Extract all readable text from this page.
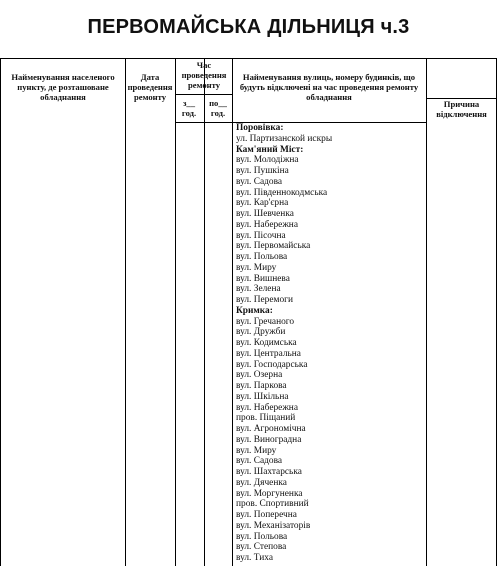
ПЕРВОМАЙСЬКА ДІЛЬНИЦЯ ч.3
Найменування населеного пункту, де розташоване обладнання
Дата проведення ремонту
Час проведення ремонту
з__ год.
по__ год.
Найменування вулиць, номеру будинків, що будуть відключені на час проведення ремонту обладнання
Причина відключення
Поровівка:
ул. Партизанской искры
Кам'яний Міст:
вул. Молодіжна
вул. Пушкіна
вул. Садова
вул. Південнокодмська
вул. Кар'єрна
вул. Шевченка
вул. Набережна
вул. Пісочна
вул. Первомайська
вул. Польова
вул. Миру
вул. Вишнева
вул. Зелена
вул. Перемоги
Кримка:
вул. Гречаного
вул. Дружби
вул. Кодимська
вул. Центральна
вул. Господарська
вул. Озерна
вул. Паркова
вул. Шкільна
вул. Набережна
пров. Піщаний
вул. Агрономічна
вул. Виноградна
вул. Миру
вул. Садова
вул. Шахтарська
вул. Дяченка
вул. Моргуненка
пров. Спортивний
вул. Поперечна
вул. Механізаторів
вул. Польова
вул. Степова
вул. Тиха
